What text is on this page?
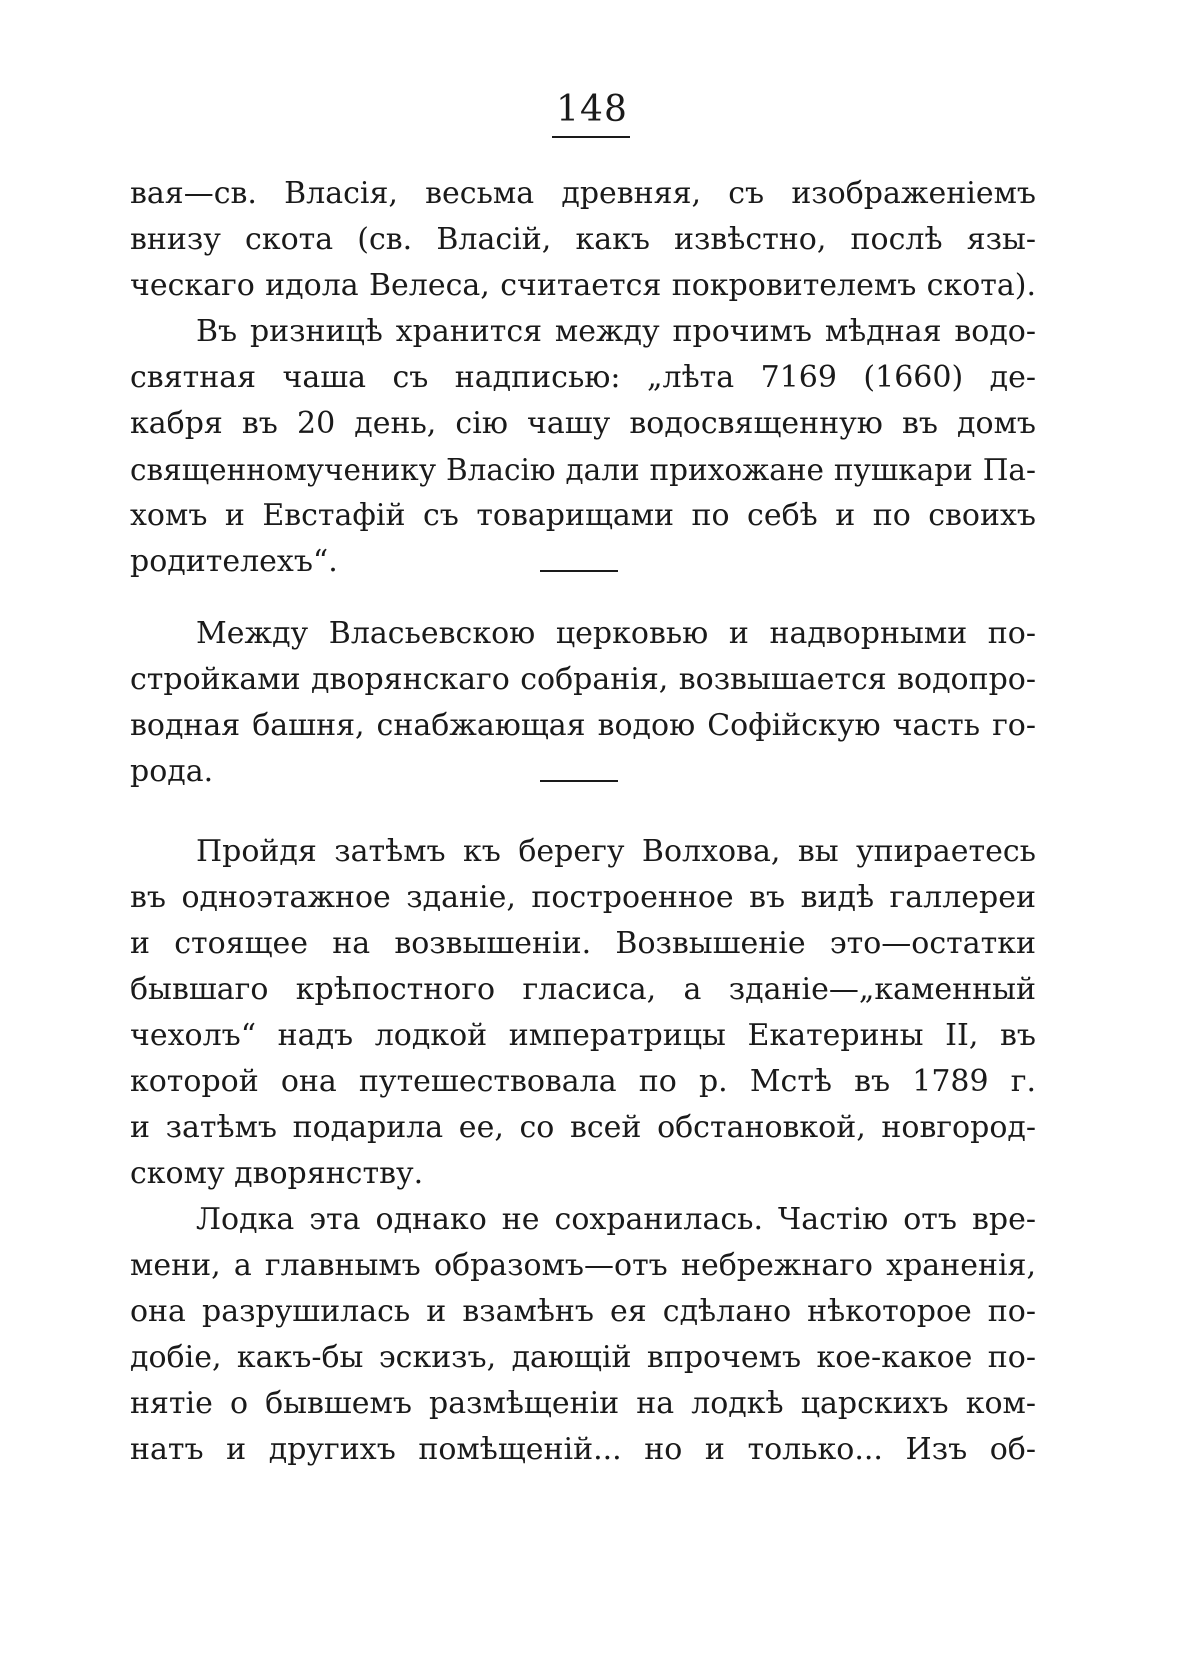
148
вая—св. Власія, весьма древняя, съ изображеніемъ
внизу скота (св. Власій, какъ извѣстно, послѣ язы-
ческаго идола Велеса, считается покровителемъ скота).
Въ ризницѣ хранится между прочимъ мѣдная водо-
святная чаша съ надписью: „лѣта 7169 (1660) де-
кабря въ 20 день, сію чашу водосвященную въ домъ
священномученику Власію дали прихожане пушкари Па-
хомъ и Евстафій съ товарищами по себѣ и по своихъ
родителехъ“.
Между Власьевскою церковью и надворными по-
стройками дворянскаго собранія, возвышается водопро-
водная башня, снабжающая водою Софійскую часть го-
рода.
Пройдя затѣмъ къ берегу Волхова, вы упираетесь
въ одноэтажное зданіе, построенное въ видѣ галлереи
и стоящее на возвышеніи. Возвышеніе это—остатки
бывшаго крѣпостного гласиса, а зданіе—„каменный
чехолъ“ надъ лодкой императрицы Екатерины II, въ
которой она путешествовала по р. Мстѣ въ 1789 г.
и затѣмъ подарила ее, со всей обстановкой, новгород-
скому дворянству.
Лодка эта однако не сохранилась. Частію отъ вре-
мени, а главнымъ образомъ—отъ небрежнаго храненія,
она разрушилась и взамѣнъ ея сдѣлано нѣкоторое по-
добіе, какъ-бы эскизъ, дающій впрочемъ кое-какое по-
нятіе о бывшемъ размѣщеніи на лодкѣ царскихъ ком-
натъ и другихъ помѣщеній... но и только... Изъ об-
